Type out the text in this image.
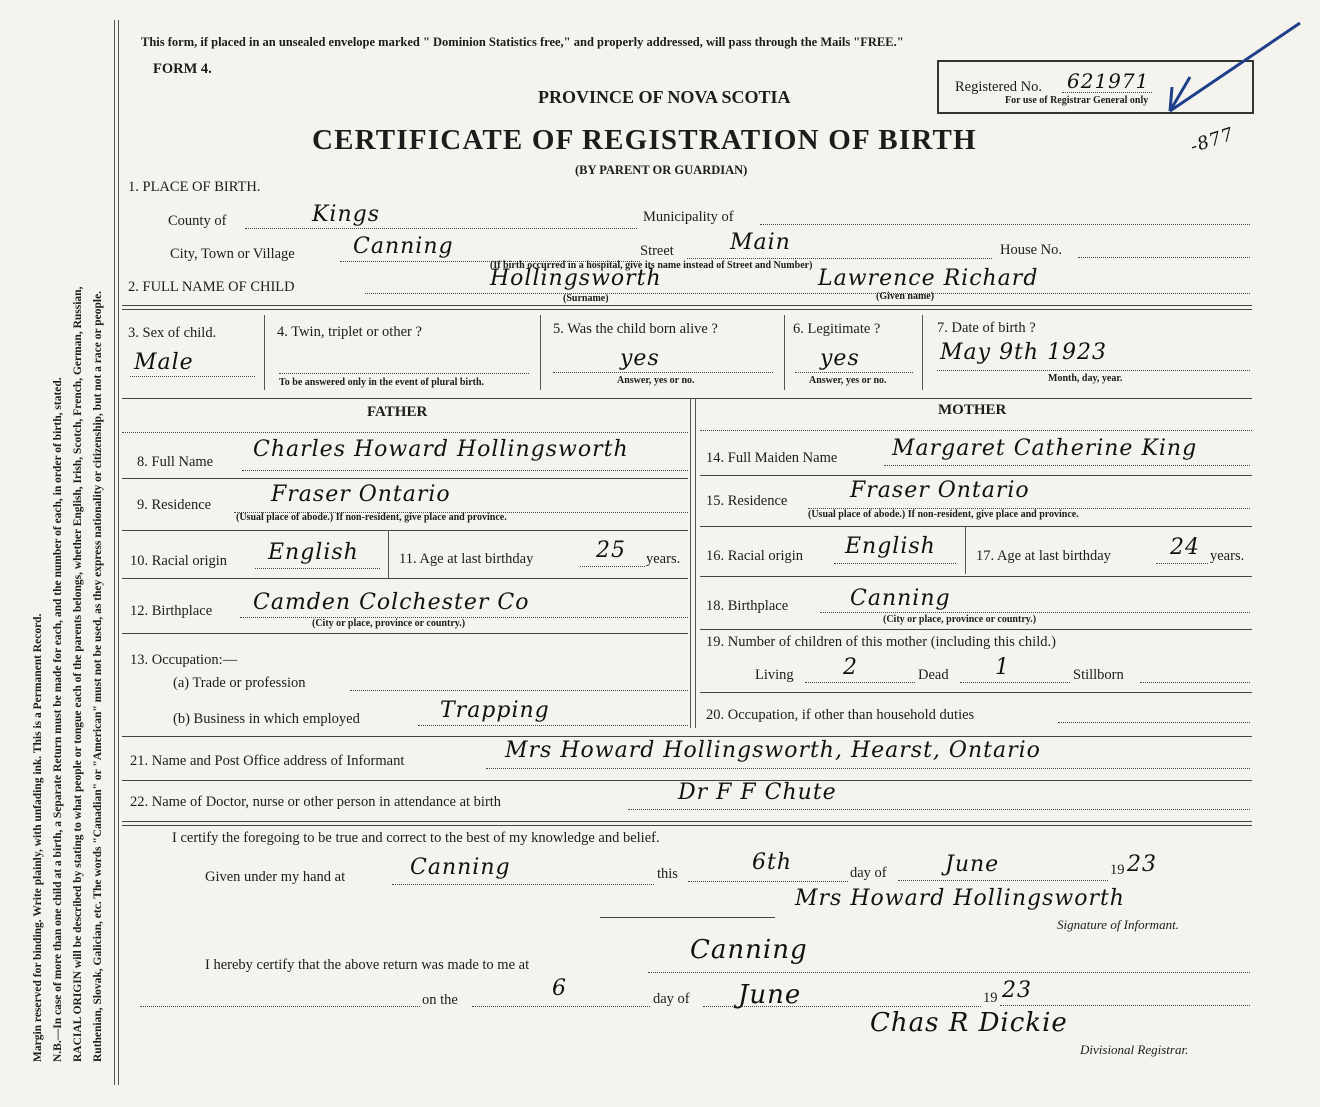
Margin reserved for binding. Write plainly, with unfading ink. This is a Permanent Record. N.B.—In case of more than one child at a birth, a Separate Return must be made for each, and the number of each, in order of birth, stated. RACIAL ORIGIN will be described by stating to what people or tongue each of the parents belongs, whether English, Irish, Scotch, French, German, Russian, Ruthenian, Slovak, Galician, etc. The words "Canadian" or "American" must not be used, as they express nationality or citizenship, but not a race or people.
This form, if placed in an unsealed envelope marked " Dominion Statistics free," and properly addressed, will pass through the Mails "FREE."
FORM 4.
PROVINCE OF NOVA SCOTIA
CERTIFICATE OF REGISTRATION OF BIRTH
(BY PARENT OR GUARDIAN)
Registered No. 621971
For use of Registrar General only
-877
1. PLACE OF BIRTH.
County of	Kings	Municipality of
City, Town or Village	Canning	Street	Main	House No.
(If birth occurred in a hospital, give its name instead of Street and Number)
2. FULL NAME OF CHILD	Hollingsworth	Lawrence Richard
(Surname)	(Given name)
3. Sex of child.
Male
4. Twin, triplet or other ?
To be answered only in the event of plural birth.
5. Was the child born alive ?
yes
Answer, yes or no.
6. Legitimate ?
yes
Answer, yes or no.
7. Date of birth ?
May 9th 1923
Month, day, year.
FATHER
8. Full Name Charles Howard Hollingsworth
9. Residence	Fraser Ontario
(Usual place of abode.) If non-resident, give place and province.
10. Racial origin English	11. Age at last birthday	25 years.
12. Birthplace Camden Colchester Co
(City or place, province or country.)
13. Occupation:—
(a) Trade or profession
(b) Business in which employed	Trapping
MOTHER
14. Full Maiden Name Margaret Catherine King
15. Residence	Fraser Ontario
(Usual place of abode.) If non-resident, give place and province.
16. Racial origin English	17. Age at last birthday	24 years.
18. Birthplace	Canning
(City or place, province or country.)
19. Number of children of this mother (including this child.)
Living 2	Dead 1	Stillborn
20. Occupation, if other than household duties
21. Name and Post Office address of Informant	Mrs Howard Hollingsworth, Hearst, Ontario
22. Name of Doctor, nurse or other person in attendance at birth	Dr F F Chute
I certify the foregoing to be true and correct to the best of my knowledge and belief.
Given under my hand at	Canning	this	6th	day of	June	19 23
Mrs Howard Hollingsworth
Signature of Informant.
I hereby certify that the above return was made to me at	Canning
on the	6	day of June	19 23
Chas R Dickie
Divisional Registrar.
